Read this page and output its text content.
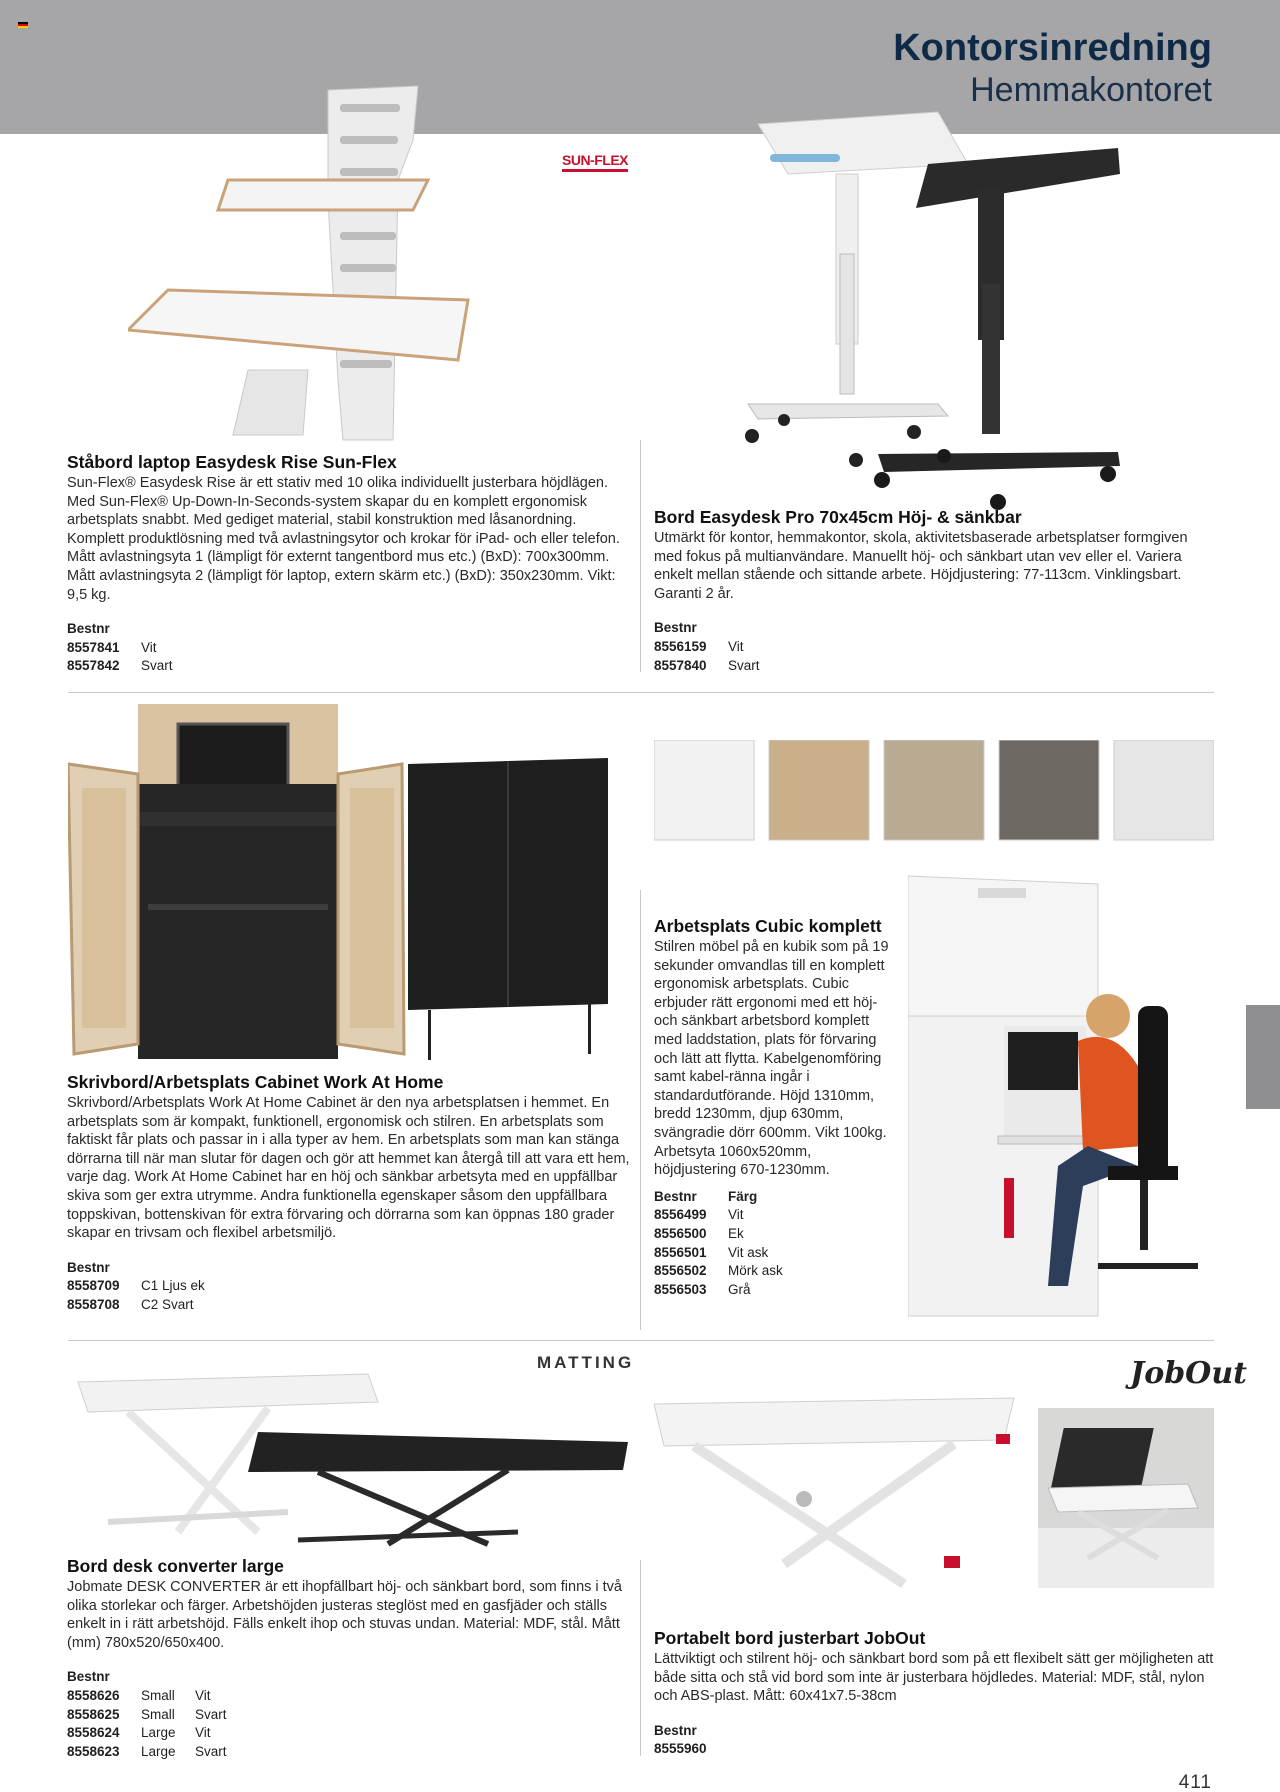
Kontorsinredning
Hemmakontoret
SUN-FLEX
MATTING	JobOut
Ståbord laptop Easydesk Rise Sun-Flex
Sun-Flex® Easydesk Rise är ett stativ med 10 olika individuellt justerbara höjdlägen. Med Sun-Flex® Up-Down-In-Seconds-system skapar du en komplett ergonomisk arbetsplats snabbt. Med gediget material, stabil konstruktion med låsanordning. Komplett produktlösning med två avlastningsytor och krokar för iPad- och eller telefon. Mått avlastningsyta 1 (lämpligt för externt tangentbord mus etc.) (BxD): 700x300mm. Mått avlastningsyta 2 (lämpligt för laptop, extern skärm etc.) (BxD): 350x230mm. Vikt: 9,5 kg.
Bestnr
8557841	Vit
8557842	Svart
Bord Easydesk Pro 70x45cm Höj- & sänkbar
Utmärkt för kontor, hemmakontor, skola, aktivitetsbaserade arbetsplatser formgiven med fokus på multianvändare. Manuellt höj- och sänkbart utan vev eller el. Variera enkelt mellan stående och sittande arbete. Höjdjustering: 77-113cm. Vinklingsbart. Garanti 2 år.
Bestnr
8556159	Vit
8557840	Svart
Arbetsplats Cubic komplett
Stilren möbel på en kubik som på 19 sekunder omvandlas till en komplett ergonomisk arbetsplats. Cubic erbjuder rätt ergonomi med ett höj- och sänkbart arbetsbord komplett med laddstation, plats för förvaring och lätt att flytta. Kabelgenomföring samt kabel-ränna ingår i standardutförande. Höjd 1310mm, bredd 1230mm, djup 630mm, svängradie dörr 600mm. Vikt 100kg. Arbetsyta 1060x520mm, höjdjustering 670-1230mm.
Bestnr	Färg
8556499	Vit
8556500	Ek
8556501	Vit ask
8556502	Mörk ask
8556503	Grå
Skrivbord/Arbetsplats Cabinet Work At Home
Skrivbord/Arbetsplats Work At Home Cabinet är den nya arbetsplatsen i hemmet. En arbetsplats som är kompakt, funktionell, ergonomisk och stilren. En arbetsplats som faktiskt får plats och passar in i alla typer av hem. En arbetsplats som man kan stänga dörrarna till när man slutar för dagen och gör att hemmet kan återgå till att vara ett hem, varje dag. Work At Home Cabinet har en höj och sänkbar arbetsyta med en uppfällbar skiva som ger extra utrymme. Andra funktionella egenskaper såsom den uppfällbara toppskivan, bottenskivan för extra förvaring och dörrarna som kan öppnas 180 grader skapar en trivsam och flexibel arbetsmiljö.
Bestnr
8558709	C1 Ljus ek
8558708	C2 Svart
Bord desk converter large
Jobmate DESK CONVERTER är ett ihopfällbart höj- och sänkbart bord, som finns i två olika storlekar och färger. Arbetshöjden justeras steglöst med en gasfjäder och ställs enkelt in i rätt arbetshöjd. Fälls enkelt ihop och stuvas undan. Material: MDF, stål. Mått (mm) 780x520/650x400.
Bestnr
8558626	Small	Vit
8558625	Small	Svart
8558624	Large	Vit
8558623	Large	Svart
Portabelt bord justerbart JobOut
Lättviktigt och stilrent höj- och sänkbart bord som på ett flexibelt sätt ger möjligheten att både sitta och stå vid bord som inte är justerbara höjdledes. Material: MDF, stål, nylon och ABS-plast. Mått: 60x41x7.5-38cm
Bestnr
8555960
411
